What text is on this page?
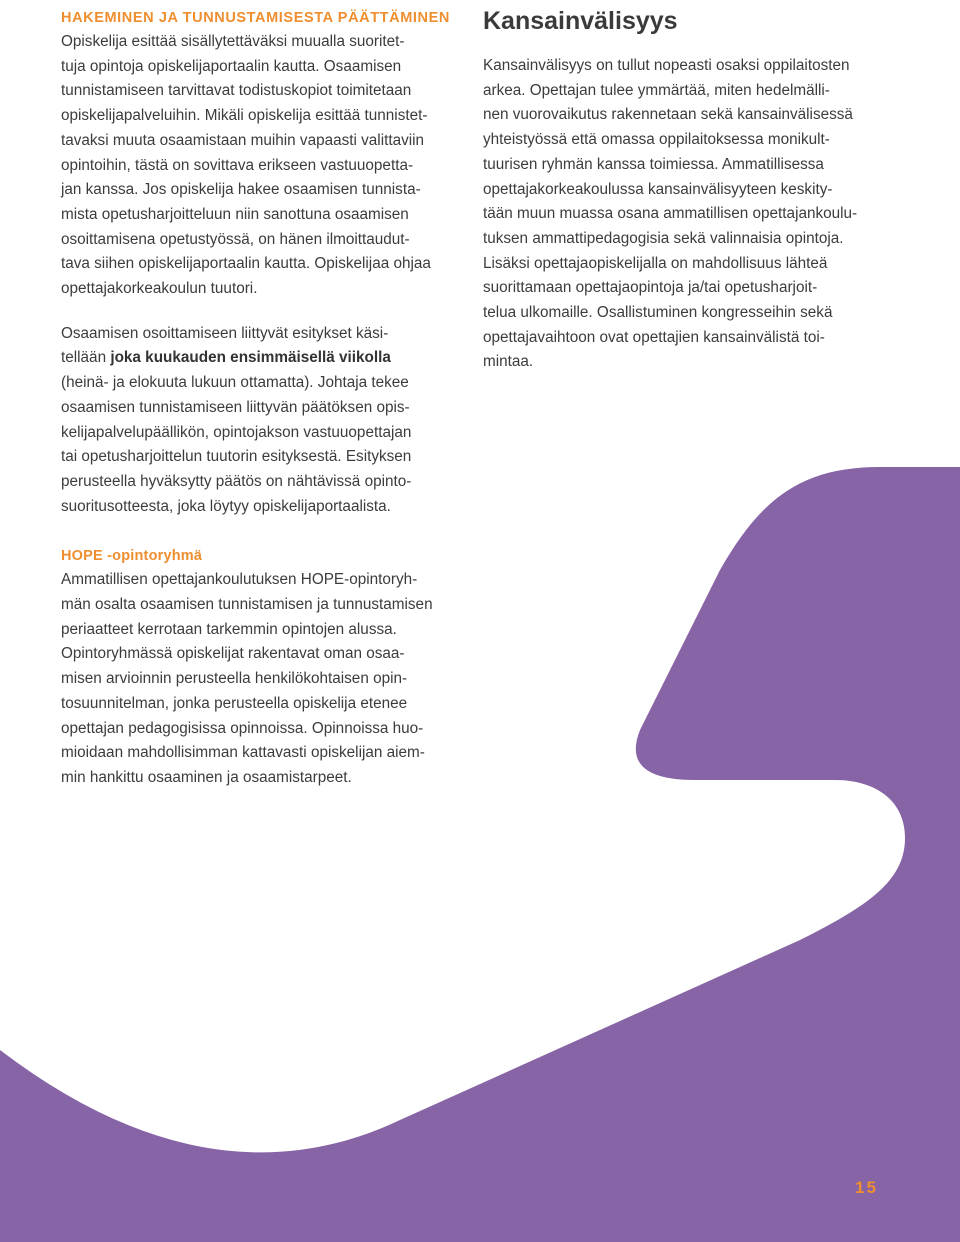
HAKEMINEN JA TUNNUSTAMISESTA PÄÄTTÄMINEN

Opiskelija esittää sisällytettäväksi muualla suoritet-
tuja opintoja opiskelijaportaalin kautta. Osaamisen
tunnistamiseen tarvittavat todistuskopiot toimitetaan
opiskelijapalveluihin. Mikäli opiskelija esittää tunnistet-
tavaksi muuta osaamistaan muihin vapaasti valittaviin
opintoihin, tästä on sovittava erikseen vastuuopetta-
jan kanssa. Jos opiskelija hakee osaamisen tunnista-
mista opetusharjoitteluun niin sanottuna osaamisen
osoittamisena opetustyössä, on hänen ilmoittaudut-
tava siihen opiskelijaportaalin kautta. Opiskelijaa ohjaa
opettajakorkeakoulun tuutori.

Osaamisen osoittamiseen liittyvät esitykset käsi-
tellään joka kuukauden ensimmäisellä viikolla
(heinä- ja elokuuta lukuun ottamatta). Johtaja tekee
osaamisen tunnistamiseen liittyvän päätöksen opis-
kelijapalvelupäällikön, opintojakson vastuuopettajan
tai opetusharjoittelun tuutorin esityksestä. Esityksen
perusteella hyväksytty päätös on nähtävissä opinto-
suoritusotteesta, joka löytyy opiskelijaportaalista.

HOPE -opintoryhmä

Ammatillisen opettajankoulutuksen HOPE-opintoryh-
män osalta osaamisen tunnistamisen ja tunnustamisen
periaatteet kerrotaan tarkemmin opintojen alussa.
Opintoryhmässä opiskelijat rakentavat oman osaa-
misen arvioinnin perusteella henkilökohtaisen opin-
tosuunnitelman, jonka perusteella opiskelija etenee
opettajan pedagogisissa opinnoissa. Opinnoissa huo-
mioidaan mahdollisimman kattavasti opiskelijan aiem-
min hankittu osaaminen ja osaamistarpeet.

Kansainvälisyys

Kansainvälisyys on tullut nopeasti osaksi oppilaitosten
arkea. Opettajan tulee ymmärtää, miten hedelmälli-
nen vuorovaikutus rakennetaan sekä kansainvälisessä
yhteistyössä että omassa oppilaitoksessa monikult-
tuurisen ryhmän kanssa toimiessa. Ammatillisessa
opettajakorkeakoulussa kansainvälisyyteen keskity-
tään muun muassa osana ammatillisen opettajankoulu-
tuksen ammattipedagogisia sekä valinnaisia opintoja.
Lisäksi opettajaopiskelijalla on mahdollisuus lähteä
suorittamaan opettajaopintoja ja/tai opetusharjoit-
telua ulkomaille. Osallistuminen kongresseihin sekä
opettajavaihtoon ovat opettajien kansainvälistä toi-
mintaa.

15
